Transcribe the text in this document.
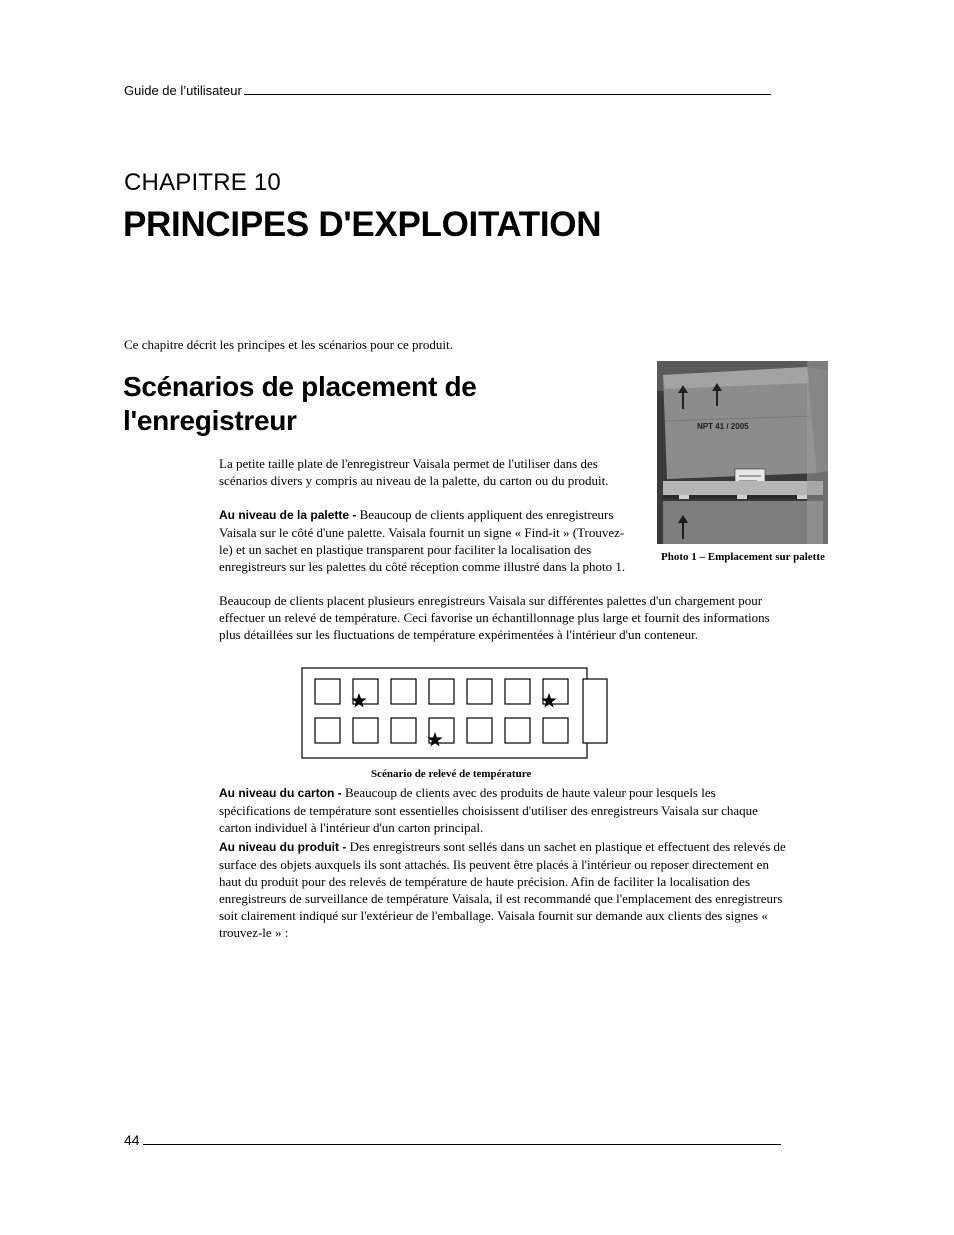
Guide de l’utilisateur
CHAPITRE 10
PRINCIPES D'EXPLOITATION
Ce chapitre décrit les principes et les scénarios pour ce produit.
Scénarios de placement de
l'enregistreur
La petite taille plate de l'enregistreur Vaisala permet de l'utiliser dans des scénarios divers y compris au niveau de la palette, du carton ou du produit.
Au niveau de la palette - Beaucoup de clients appliquent des enregistreurs Vaisala sur le côté d'une palette. Vaisala fournit un signe « Find-it » (Trouvez-le) et un sachet en plastique transparent pour faciliter la localisation des enregistreurs sur les palettes du côté réception comme illustré dans la photo 1.
Beaucoup de clients placent plusieurs enregistreurs Vaisala sur différentes palettes d'un chargement pour effectuer un relevé de température. Ceci favorise un échantillonnage plus large et fournit des informations plus détaillées sur les fluctuations de température expérimentées à l'intérieur d'un conteneur.
NPT 41 / 2005
Photo 1 – Emplacement sur palette
Scénario de relevé de température
Au niveau du carton - Beaucoup de clients avec des produits de haute valeur pour lesquels les spécifications de température sont essentielles choisissent d'utiliser des enregistreurs Vaisala sur chaque carton individuel à l'intérieur d'un carton principal.
Au niveau du produit - Des enregistreurs sont sellés dans un sachet en plastique et effectuent des relevés de surface des objets auxquels ils sont attachés. Ils peuvent être placés à l'intérieur ou reposer directement en haut du produit pour des relevés de température de haute précision. Afin de faciliter la localisation des enregistreurs de surveillance de température Vaisala, il est recommandé que l'emplacement des enregistreurs soit clairement indiqué sur l'extérieur de l'emballage. Vaisala fournit sur demande aux clients des signes « trouvez-le » :
44
